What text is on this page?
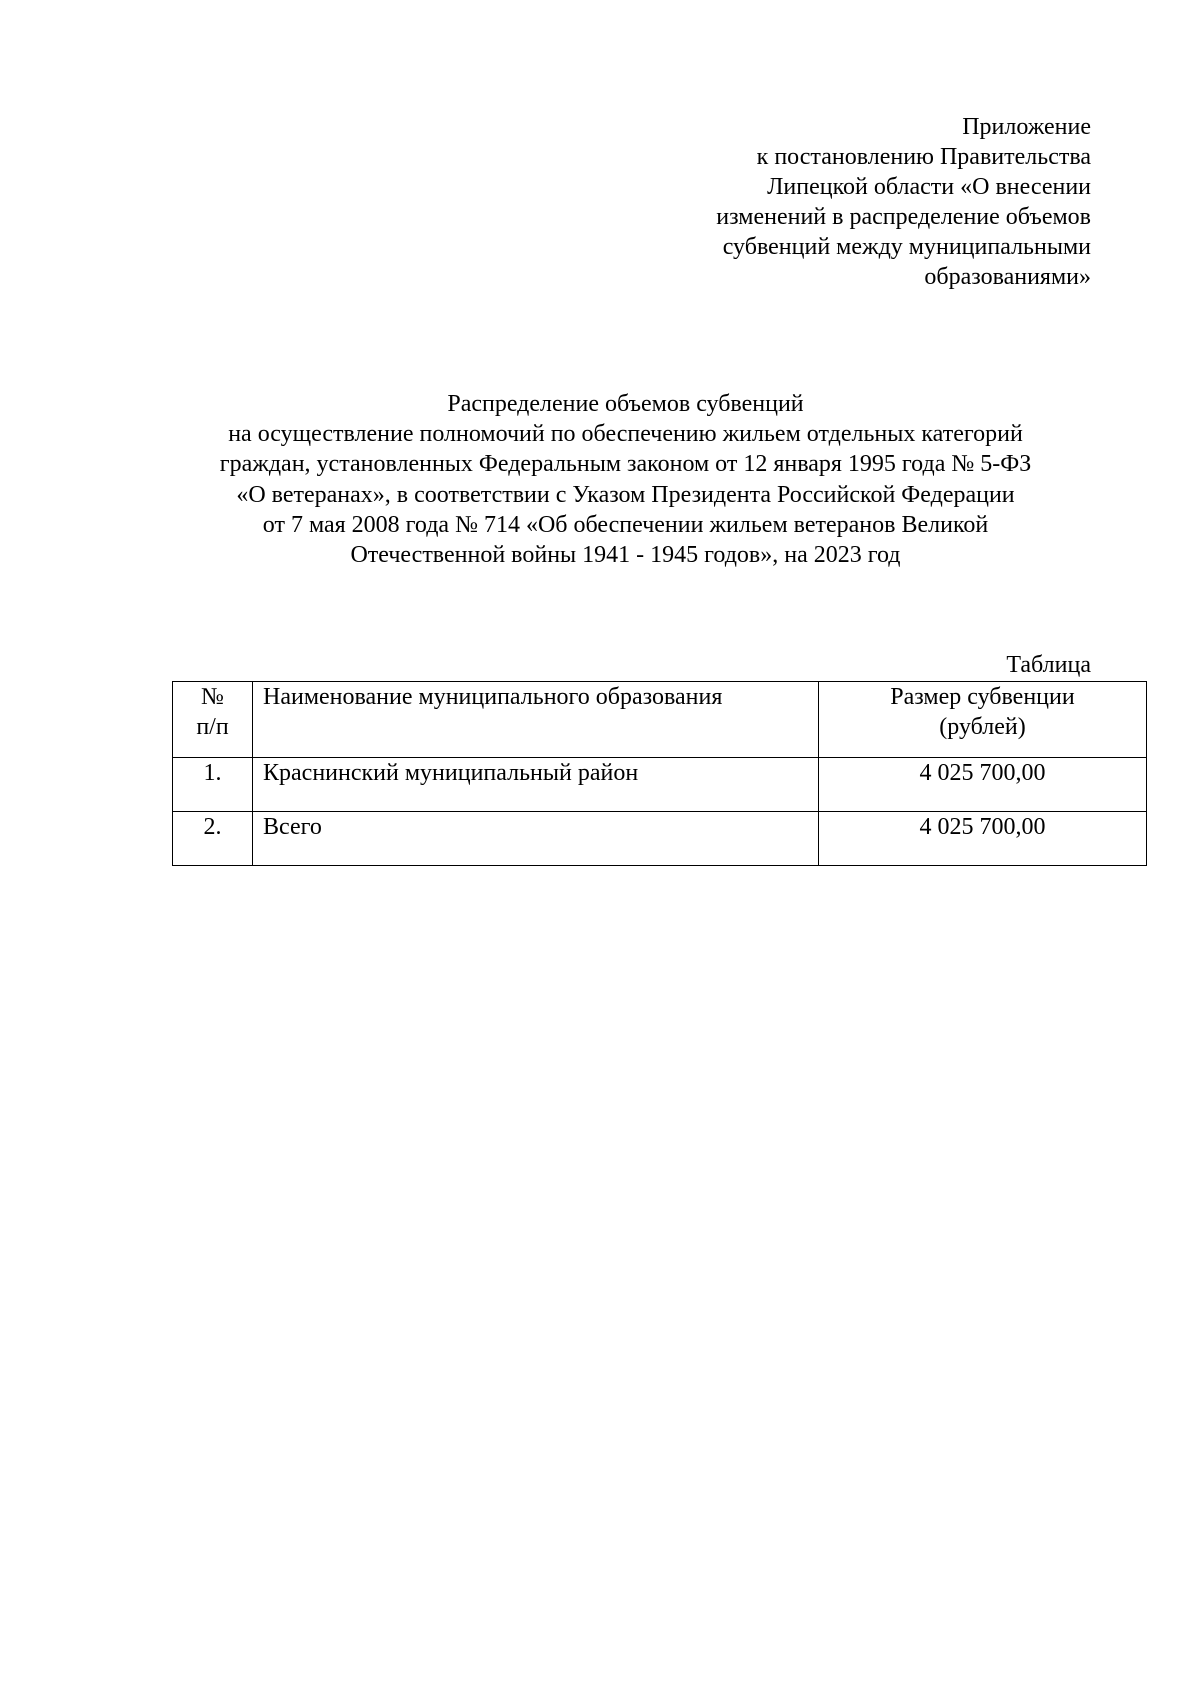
Приложение
к постановлению Правительства
Липецкой области «О внесении
изменений в распределение объемов
субвенций между муниципальными
образованиями»
Распределение объемов субвенций
на осуществление полномочий по обеспечению жильем отдельных категорий
граждан, установленных Федеральным законом от 12 января 1995 года № 5-ФЗ
«О ветеранах», в соответствии с Указом Президента Российской Федерации
от 7 мая 2008 года № 714 «Об обеспечении жильем ветеранов Великой
Отечественной войны 1941 - 1945 годов», на 2023 год
Таблица
№
п/п	Наименование муниципального образования	Размер субвенции
(рублей)

1.	Краснинский муниципальный район	4 025 700,00
2.	Всего	4 025 700,00
